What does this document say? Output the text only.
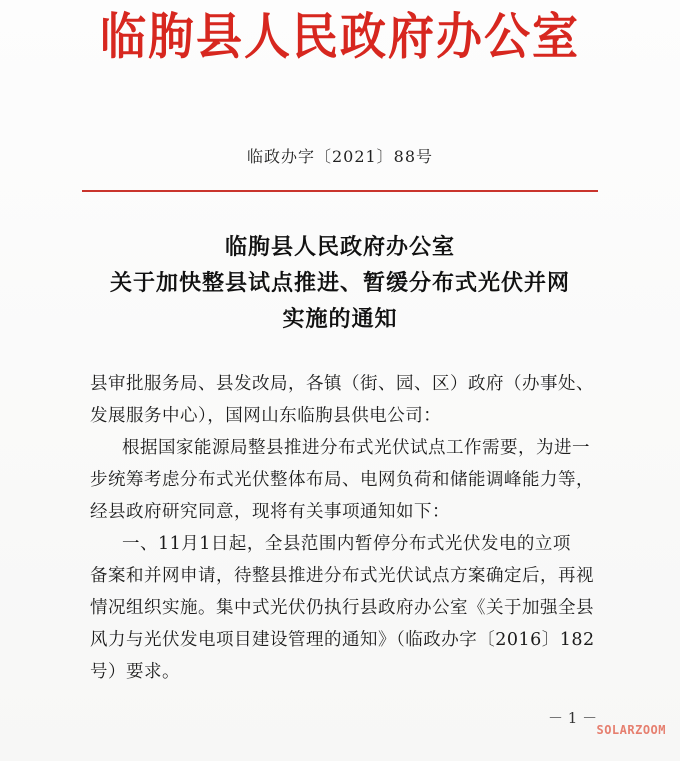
临朐县人民政府办公室
临政办字〔2021〕88号
临朐县人民政府办公室
关于加快整县试点推进、暂缓分布式光伏并网
实施的通知
县审批服务局、县发改局，各镇（街、园、区）政府（办事处、
发展服务中心），国网山东临朐县供电公司：
根据国家能源局整县推进分布式光伏试点工作需要，为进一
步统筹考虑分布式光伏整体布局、电网负荷和储能调峰能力等，
经县政府研究同意，现将有关事项通知如下：
一、11月1日起，全县范围内暂停分布式光伏发电的立项
备案和并网申请，待整县推进分布式光伏试点方案确定后，再视
情况组织实施。集中式光伏仍执行县政府办公室《关于加强全县
风力与光伏发电项目建设管理的通知》（临政办字〔2016〕182
号）要求。
－ 1 －
SOLARZOOM
